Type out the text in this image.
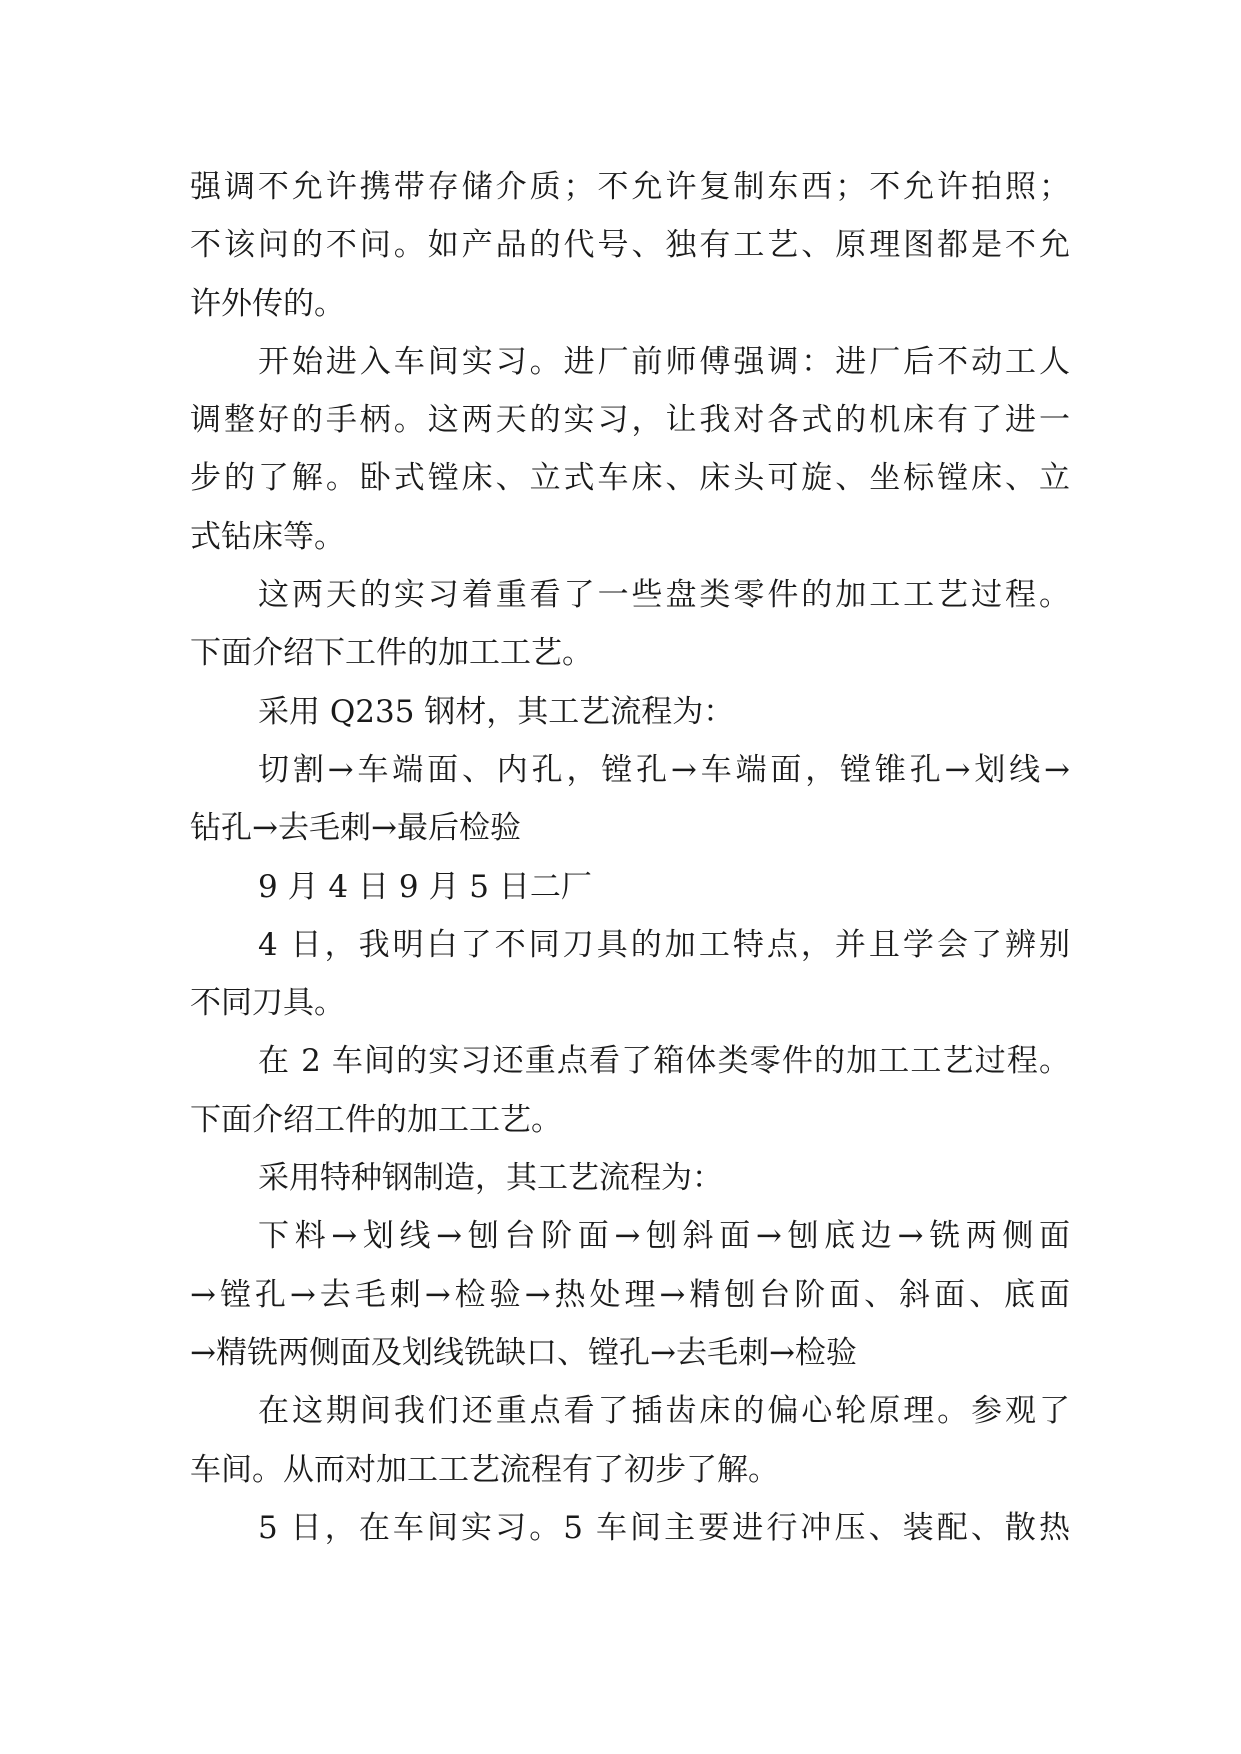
强调不允许携带存储介质；不允许复制东西；不允许拍照；
不该问的不问。如产品的代号、独有工艺、原理图都是不允
许外传的。
开始进入车间实习。进厂前师傅强调：进厂后不动工人
调整好的手柄。这两天的实习，让我对各式的机床有了进一
步的了解。卧式镗床、立式车床、床头可旋、坐标镗床、立
式钻床等。
这两天的实习着重看了一些盘类零件的加工工艺过程。
下面介绍下工件的加工工艺。
采用 Q235 钢材，其工艺流程为：
切割→车端面、内孔，镗孔→车端面，镗锥孔→划线→
钻孔→去毛刺→最后检验
9 月 4 日 9 月 5 日二厂
4 日，我明白了不同刀具的加工特点，并且学会了辨别
不同刀具。
在 2 车间的实习还重点看了箱体类零件的加工工艺过程。
下面介绍工件的加工工艺。
采用特种钢制造，其工艺流程为：
下料→划线→刨台阶面→刨斜面→刨底边→铣两侧面
→镗孔→去毛刺→检验→热处理→精刨台阶面、斜面、底面
→精铣两侧面及划线铣缺口、镗孔→去毛刺→检验
在这期间我们还重点看了插齿床的偏心轮原理。参观了
车间。从而对加工工艺流程有了初步了解。
5 日，在车间实习。5 车间主要进行冲压、装配、散热
